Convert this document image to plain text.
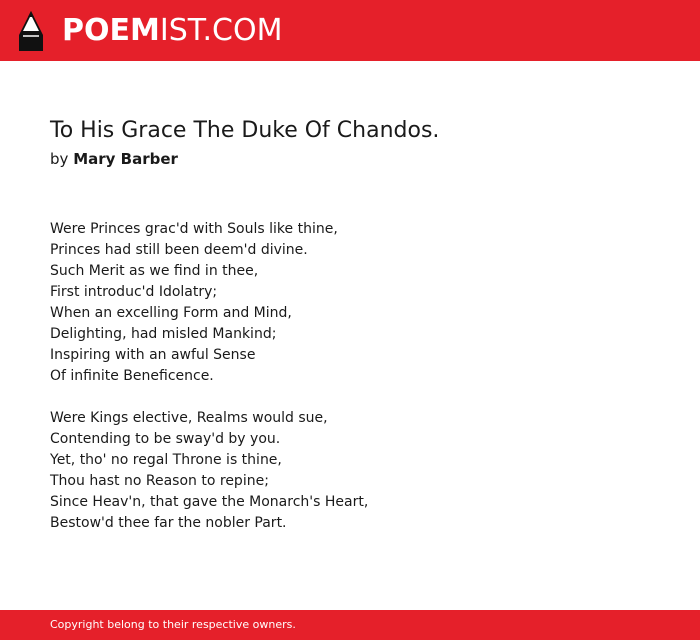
POEMIST.COM
To His Grace The Duke Of Chandos.
by Mary Barber
Were Princes grac'd with Souls like thine,
Princes had still been deem'd divine.
Such Merit as we find in thee,
First introduc'd Idolatry;
When an excelling Form and Mind,
Delighting, had misled Mankind;
Inspiring with an awful Sense
Of infinite Beneficence.
Were Kings elective, Realms would sue,
Contending to be sway'd by you.
Yet, tho' no regal Throne is thine,
Thou hast no Reason to repine;
Since Heav'n, that gave the Monarch's Heart,
Bestow'd thee far the nobler Part.
Copyright belong to their respective owners.
